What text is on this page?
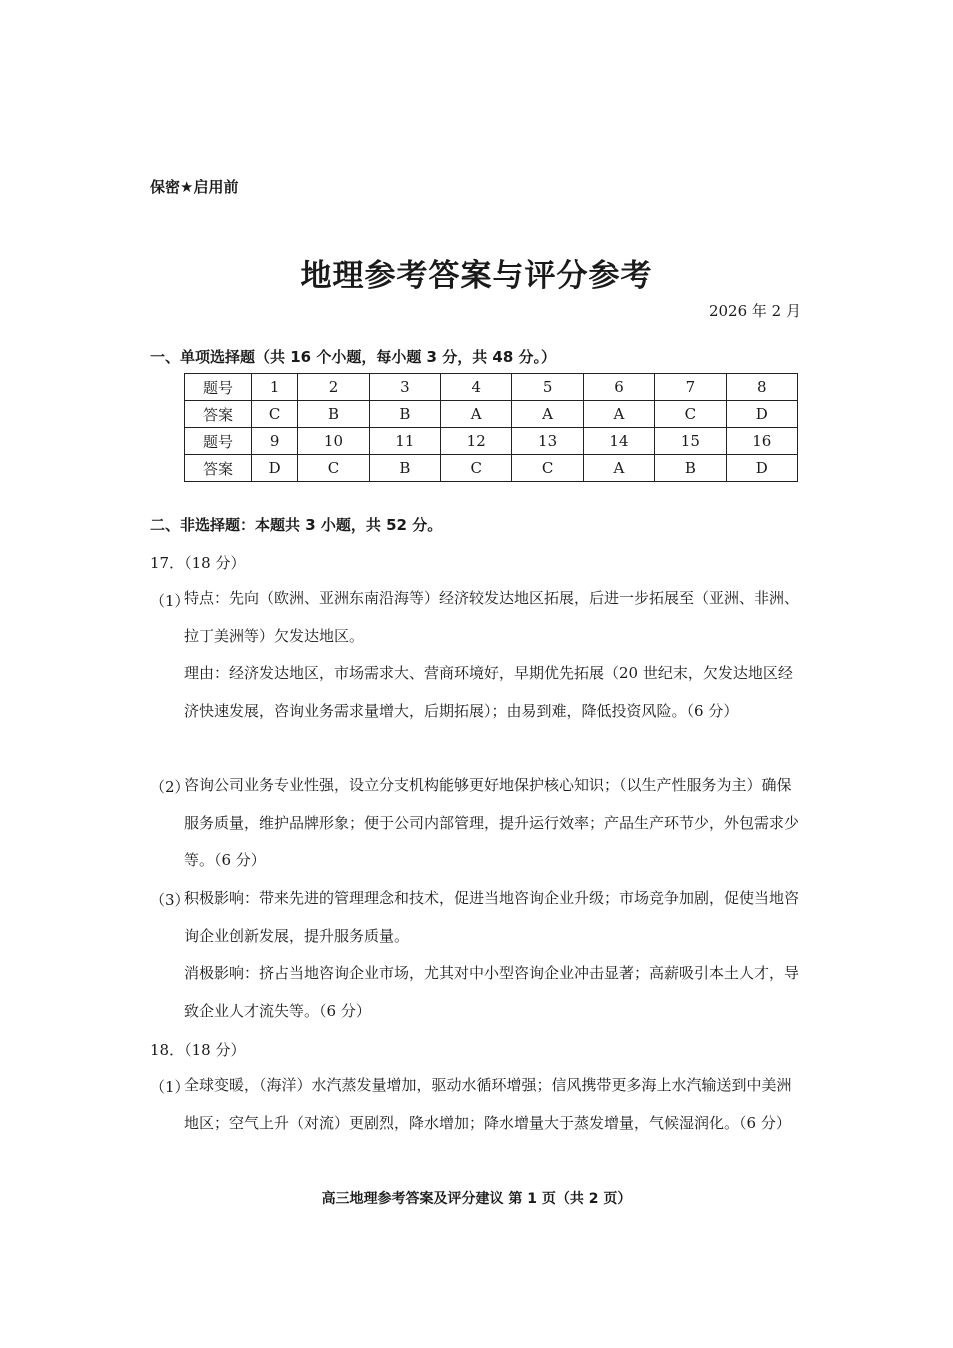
保密★启用前
地理参考答案与评分参考
2026 年 2 月
一、单项选择题（共 16 个小题，每小题 3 分，共 48 分。）
题号	1	2	3	4	5	6	7	8
答案	C	B	B	A	A	A	C	D
题号	9	10	11	12	13	14	15	16
答案	D	C	B	C	C	A	B	D
二、非选择题：本题共 3 小题，共 52 分。
17．（18 分）
（1）
特点：先向（欧洲、亚洲东南沿海等）经济较发达地区拓展，后进一步拓展至（亚洲、非洲、拉丁美洲等）欠发达地区。
理由：经济发达地区，市场需求大、营商环境好，早期优先拓展（20 世纪末，欠发达地区经济快速发展，咨询业务需求量增大，后期拓展）；由易到难，降低投资风险。（6 分）
（2）
咨询公司业务专业性强，设立分支机构能够更好地保护核心知识；（以生产性服务为主）确保服务质量，维护品牌形象；便于公司内部管理，提升运行效率；产品生产环节少，外包需求少等。（6 分）
（3）
积极影响：带来先进的管理理念和技术，促进当地咨询企业升级；市场竞争加剧，促使当地咨询企业创新发展，提升服务质量。
消极影响：挤占当地咨询企业市场，尤其对中小型咨询企业冲击显著；高薪吸引本土人才，导致企业人才流失等。（6 分）
18．（18 分）
（1）
全球变暖，（海洋）水汽蒸发量增加，驱动水循环增强；信风携带更多海上水汽输送到中美洲地区；空气上升（对流）更剧烈，降水增加；降水增量大于蒸发增量，气候湿润化。（6 分）
高三地理参考答案及评分建议 第 1 页（共 2 页）
